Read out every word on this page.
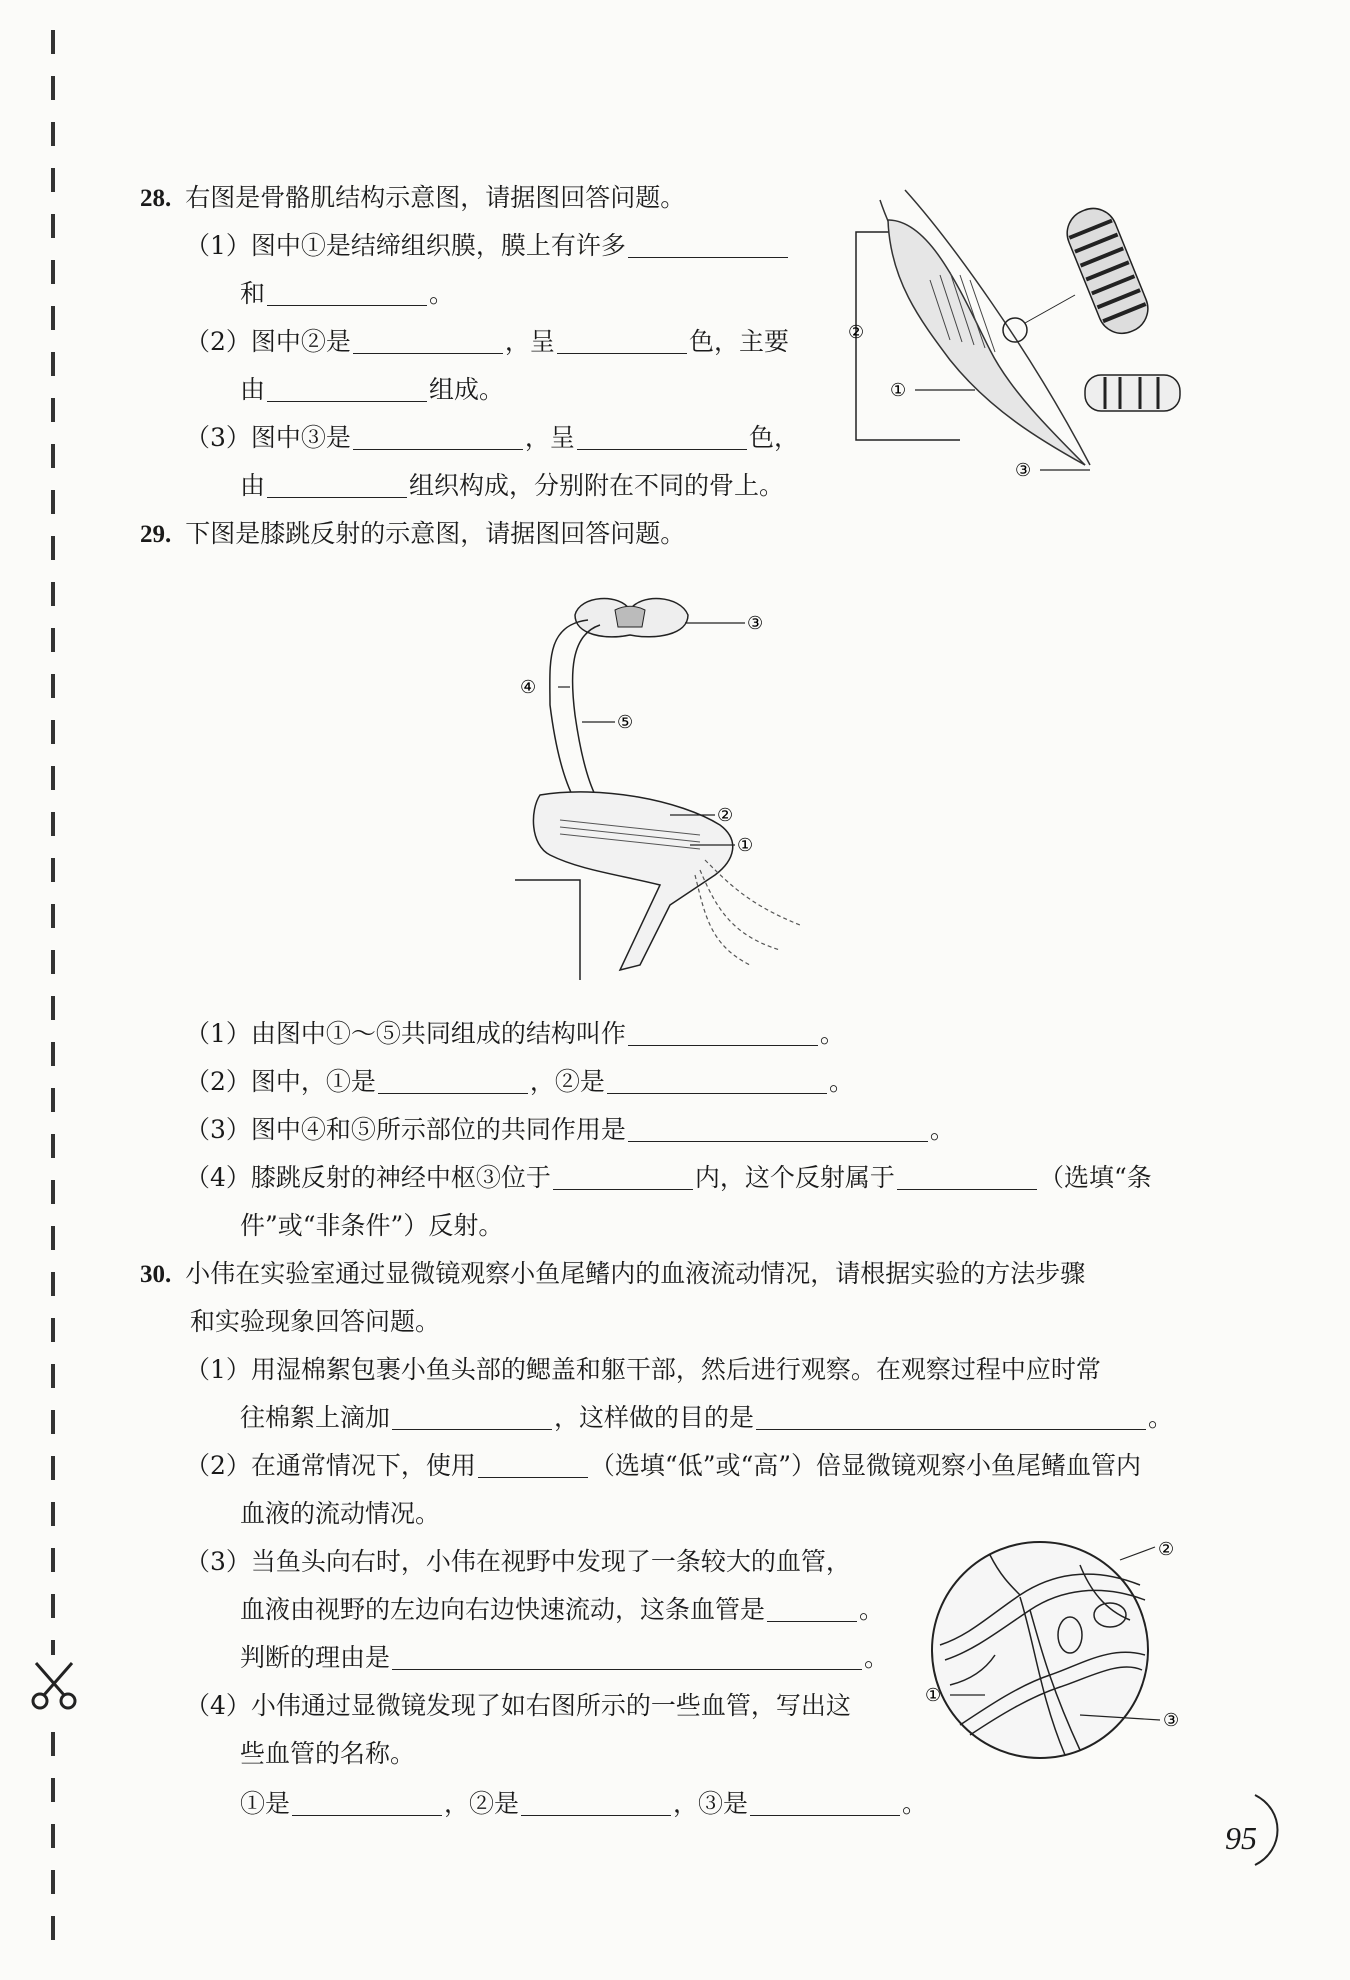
28. 右图是骨骼肌结构示意图，请据图回答问题。
（1）图中①是结缔组织膜，膜上有许多
和	。
（2）图中②是	，呈	色，主要
由	组成。
（3）图中③是	，呈	色，
由	组织构成，分别附在不同的骨上。
②
①
③
29. 下图是膝跳反射的示意图，请据图回答问题。
③
④
⑤
②
①
（1）由图中①～⑤共同组成的结构叫作	。
（2）图中，①是	，②是	。
（3）图中④和⑤所示部位的共同作用是	。
（4）膝跳反射的神经中枢③位于	内，这个反射属于	（选填“条
件”或“非条件”）反射。
30. 小伟在实验室通过显微镜观察小鱼尾鳍内的血液流动情况，请根据实验的方法步骤
和实验现象回答问题。
（1）用湿棉絮包裹小鱼头部的鳃盖和躯干部，然后进行观察。在观察过程中应时常
往棉絮上滴加	，这样做的目的是	。
（2）在通常情况下，使用	（选填“低”或“高”）倍显微镜观察小鱼尾鳍血管内
血液的流动情况。
（3）当鱼头向右时，小伟在视野中发现了一条较大的血管，
血液由视野的左边向右边快速流动，这条血管是	。
判断的理由是	。
（4）小伟通过显微镜发现了如右图所示的一些血管，写出这
些血管的名称。
①是	，②是	，③是	。
①
②
③
95
